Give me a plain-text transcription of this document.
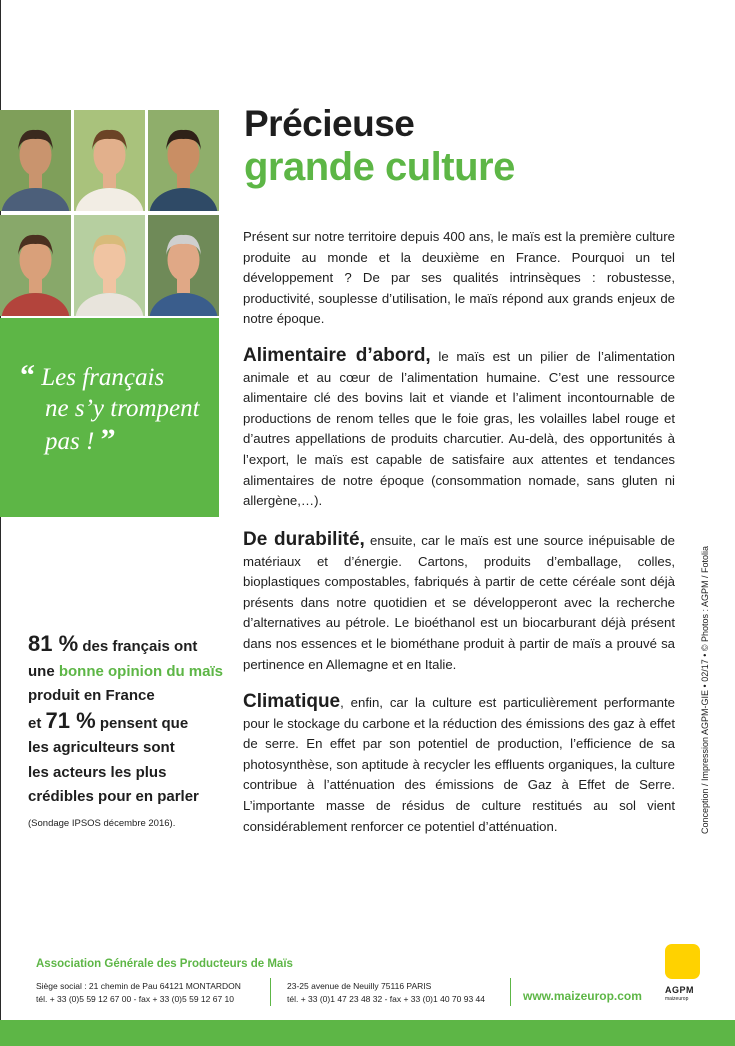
“ Les français
ne s’y trompent
pas ! ”

81 % des français ont
une bonne opinion du maïs
produit en France
et 71 % pensent que
les agriculteurs sont
les acteurs les plus
crédibles pour en parler
(Sondage IPSOS décembre 2016).
Précieuse
grande culture

Présent sur notre territoire depuis 400 ans, le maïs est la première culture produite au monde et la deuxième en France. Pourquoi un tel développement ? De par ses qualités intrinsèques : robustesse, productivité, souplesse d’utilisation, le maïs répond aux grands enjeux de notre époque.

Alimentaire d’abord, le maïs est un pilier de l’alimentation animale et au cœur de l’alimentation humaine. C’est une ressource alimentaire clé des bovins lait et viande et l’aliment incontournable de productions de renom telles que le foie gras, les volailles label rouge et d’autres appellations de produits charcutier. Au-delà, des opportunités à l’export, le maïs est capable de satisfaire aux attentes et tendances alimentaires de notre époque (consommation nomade, sans gluten ni allergène,…).

De durabilité, ensuite, car le maïs est une source inépuisable de matériaux et d’énergie. Cartons, produits d’emballage, colles, bioplastiques compostables, fabriqués à partir de cette céréale sont déjà présents dans notre quotidien et se développeront avec la recherche d’alternatives au pétrole. Le bioéthanol est un biocarburant déjà présent dans nos essences et le biométhane produit à partir de maïs a prouvé sa pertinence en Allemagne et en Italie.

Climatique, enfin, car la culture est particulièrement performante pour le stockage du carbone et la réduction des émissions des gaz à effet de serre. En effet par son potentiel de production, l’efficience de sa photosynthèse, son aptitude à recycler les effluents organiques, la culture contribue à l’atténuation des émissions de Gaz à Effet de Serre. L’importante masse de résidus de culture restitués au sol vient considérablement renforcer ce potentiel d’atténuation.	Conception / Impression AGPM-GIE • 02/17 • © Photos : AGPM / Fotolia

Association Générale des Producteurs de Maïs

Siège social : 21 chemin de Pau 64121 MONTARDON
tél. + 33 (0)5 59 12 67 00 - fax + 33 (0)5 59 12 67 10
23-25 avenue de Neuilly 75116 PARIS
tél. + 33 (0)1 47 23 48 32 - fax + 33 (0)1 40 70 93 44	www.maizeurop.com	AGPM
maizeurop
